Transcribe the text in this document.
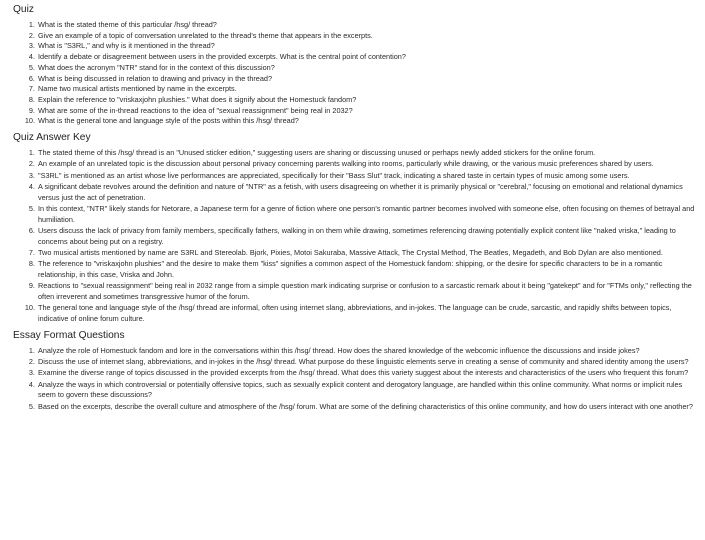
Quiz
1. What is the stated theme of this particular /hsg/ thread?
2. Give an example of a topic of conversation unrelated to the thread's theme that appears in the excerpts.
3. What is "S3RL," and why is it mentioned in the thread?
4. Identify a debate or disagreement between users in the provided excerpts. What is the central point of contention?
5. What does the acronym "NTR" stand for in the context of this discussion?
6. What is being discussed in relation to drawing and privacy in the thread?
7. Name two musical artists mentioned by name in the excerpts.
8. Explain the reference to "vriskaxjohn plushies." What does it signify about the Homestuck fandom?
9. What are some of the in-thread reactions to the idea of "sexual reassignment" being real in 2032?
10. What is the general tone and language style of the posts within this /hsg/ thread?
Quiz Answer Key
1. The stated theme of this /hsg/ thread is an "Unused sticker edition," suggesting users are sharing or discussing unused or perhaps newly added stickers for the online forum.
2. An example of an unrelated topic is the discussion about personal privacy concerning parents walking into rooms, particularly while drawing, or the various music preferences shared by users.
3. "S3RL" is mentioned as an artist whose live performances are appreciated, specifically for their "Bass Slut" track, indicating a shared taste in certain types of music among some users.
4. A significant debate revolves around the definition and nature of "NTR" as a fetish, with users disagreeing on whether it is primarily physical or "cerebral," focusing on emotional and relational dynamics versus just the act of penetration.
5. In this context, "NTR" likely stands for Netorare, a Japanese term for a genre of fiction where one person's romantic partner becomes involved with someone else, often focusing on themes of betrayal and humiliation.
6. Users discuss the lack of privacy from family members, specifically fathers, walking in on them while drawing, sometimes referencing drawing potentially explicit content like "naked vriska," leading to concerns about being put on a registry.
7. Two musical artists mentioned by name are S3RL and Stereolab. Bjork, Pixies, Motoi Sakuraba, Massive Attack, The Crystal Method, The Beatles, Megadeth, and Bob Dylan are also mentioned.
8. The reference to "vriskaxjohn plushies" and the desire to make them "kiss" signifies a common aspect of the Homestuck fandom: shipping, or the desire for specific characters to be in a romantic relationship, in this case, Vriska and John.
9. Reactions to "sexual reassignment" being real in 2032 range from a simple question mark indicating surprise or confusion to a sarcastic remark about it being "gatekept" and for "FTMs only," reflecting the often irreverent and sometimes transgressive humor of the forum.
10. The general tone and language style of the /hsg/ thread are informal, often using internet slang, abbreviations, and in-jokes. The language can be crude, sarcastic, and rapidly shifts between topics, indicative of online forum culture.
Essay Format Questions
1. Analyze the role of Homestuck fandom and lore in the conversations within this /hsg/ thread. How does the shared knowledge of the webcomic influence the discussions and inside jokes?
2. Discuss the use of internet slang, abbreviations, and in-jokes in the /hsg/ thread. What purpose do these linguistic elements serve in creating a sense of community and shared identity among the users?
3. Examine the diverse range of topics discussed in the provided excerpts from the /hsg/ thread. What does this variety suggest about the interests and characteristics of the users who frequent this forum?
4. Analyze the ways in which controversial or potentially offensive topics, such as sexually explicit content and derogatory language, are handled within this online community. What norms or implicit rules seem to govern these discussions?
5. Based on the excerpts, describe the overall culture and atmosphere of the /hsg/ forum. What are some of the defining characteristics of this online community, and how do users interact with one another?
